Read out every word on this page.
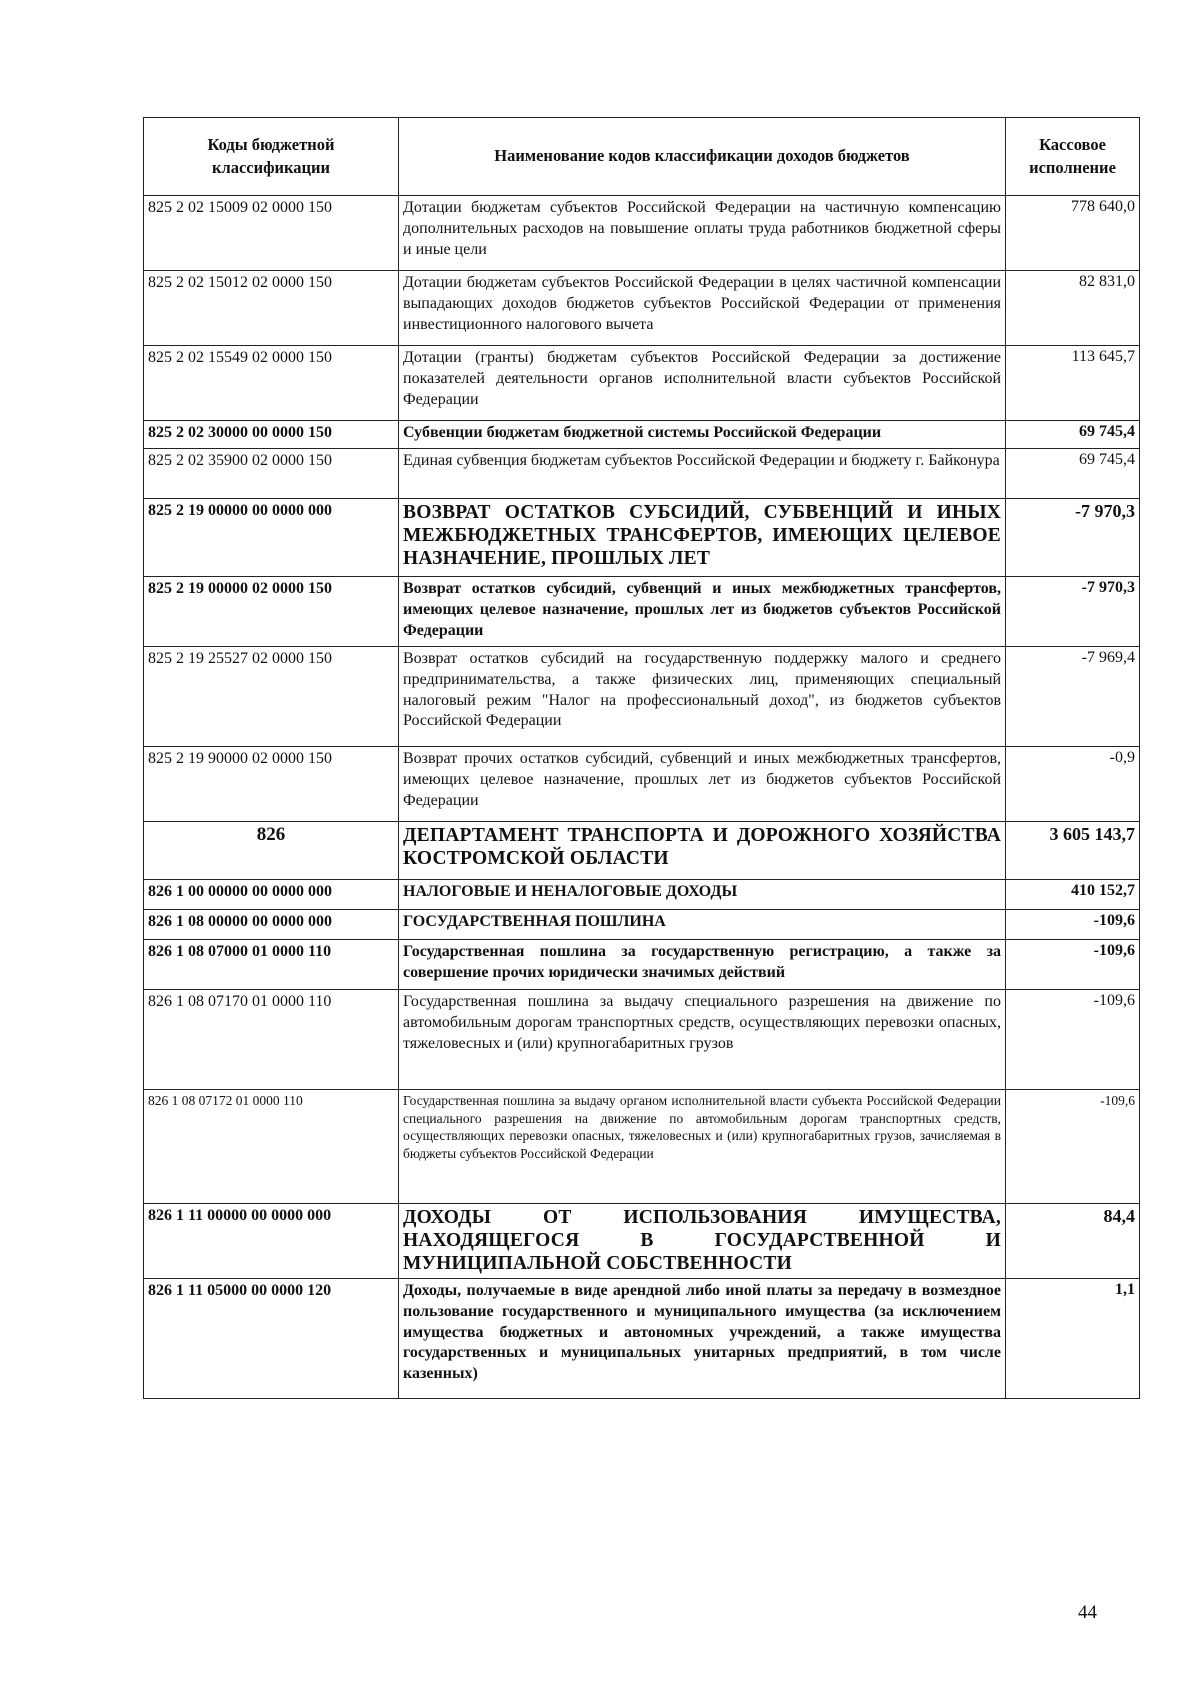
Коды бюджетной классификации	Наименование кодов классификации доходов бюджетов	Кассовое исполнение
825 2 02 15009 02 0000 150	Дотации бюджетам субъектов Российской Федерации на частичную компенсацию дополнительных расходов на повышение оплаты труда работников бюджетной сферы и иные цели	778 640,0
825 2 02 15012 02 0000 150	Дотации бюджетам субъектов Российской Федерации в целях частичной компенсации выпадающих доходов бюджетов субъектов Российской Федерации от применения инвестиционного налогового вычета	82 831,0
825 2 02 15549 02 0000 150	Дотации (гранты) бюджетам субъектов Российской Федерации за достижение показателей деятельности органов исполнительной власти субъектов Российской Федерации	113 645,7
825 2 02 30000 00 0000 150	Субвенции бюджетам бюджетной системы Российской Федерации	69 745,4
825 2 02 35900 02 0000 150	Единая субвенция бюджетам субъектов Российской Федерации и бюджету г. Байконура	69 745,4
825 2 19 00000 00 0000 000	ВОЗВРАТ ОСТАТКОВ СУБСИДИЙ, СУБВЕНЦИЙ И ИНЫХ МЕЖБЮДЖЕТНЫХ ТРАНСФЕРТОВ, ИМЕЮЩИХ ЦЕЛЕВОЕ НАЗНАЧЕНИЕ, ПРОШЛЫХ ЛЕТ	-7 970,3
825 2 19 00000 02 0000 150	Возврат остатков субсидий, субвенций и иных межбюджетных трансфертов, имеющих целевое назначение, прошлых лет из бюджетов субъектов Российской Федерации	-7 970,3
825 2 19 25527 02 0000 150	Возврат остатков субсидий на государственную поддержку малого и среднего предпринимательства, а также физических лиц, применяющих специальный налоговый режим "Налог на профессиональный доход", из бюджетов субъектов Российской Федерации	-7 969,4
825 2 19 90000 02 0000 150	Возврат прочих остатков субсидий, субвенций и иных межбюджетных трансфертов, имеющих целевое назначение, прошлых лет из бюджетов субъектов Российской Федерации	-0,9
826	ДЕПАРТАМЕНТ ТРАНСПОРТА И ДОРОЖНОГО ХОЗЯЙСТВА КОСТРОМСКОЙ ОБЛАСТИ	3 605 143,7
826 1 00 00000 00 0000 000	НАЛОГОВЫЕ И НЕНАЛОГОВЫЕ ДОХОДЫ	410 152,7
826 1 08 00000 00 0000 000	ГОСУДАРСТВЕННАЯ ПОШЛИНА	-109,6
826 1 08 07000 01 0000 110	Государственная пошлина за государственную регистрацию, а также за совершение прочих юридически значимых действий	-109,6
826 1 08 07170 01 0000 110	Государственная пошлина за выдачу специального разрешения на движение по автомобильным дорогам транспортных средств, осуществляющих перевозки опасных, тяжеловесных и (или) крупногабаритных грузов	-109,6
826 1 08 07172 01 0000 110	Государственная пошлина за выдачу органом исполнительной власти субъекта Российской Федерации специального разрешения на движение по автомобильным дорогам транспортных средств, осуществляющих перевозки опасных, тяжеловесных и (или) крупногабаритных грузов, зачисляемая в бюджеты субъектов Российской Федерации	-109,6
826 1 11 00000 00 0000 000	ДОХОДЫ ОТ ИСПОЛЬЗОВАНИЯ ИМУЩЕСТВА, НАХОДЯЩЕГОСЯ В ГОСУДАРСТВЕННОЙ И МУНИЦИПАЛЬНОЙ СОБСТВЕННОСТИ	84,4
826 1 11 05000 00 0000 120	Доходы, получаемые в виде арендной либо иной платы за передачу в возмездное пользование государственного и муниципального имущества (за исключением имущества бюджетных и автономных учреждений, а также имущества государственных и муниципальных унитарных предприятий, в том числе казенных)	1,1
44
